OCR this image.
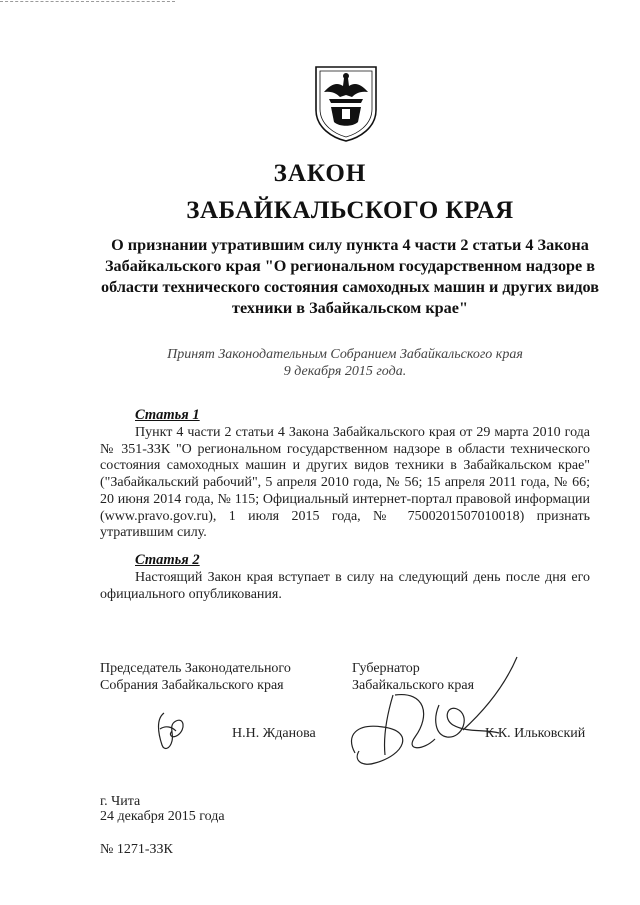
ЗАКОН
ЗАБАЙКАЛЬСКОГО КРАЯ
О признании утратившим силу пункта 4 части 2 статьи 4 Закона Забайкальского края "О региональном государственном надзоре в области технического состояния самоходных машин и других видов техники в Забайкальском крае"
Принят Законодательным Собранием Забайкальского края
9 декабря 2015 года.
Статья 1
Пункт 4 части 2 статьи 4 Закона Забайкальского края от 29 марта 2010 года № 351-ЗЗК "О региональном государственном надзоре в области технического состояния самоходных машин и других видов техники в Забайкальском крае" ("Забайкальский рабочий", 5 апреля 2010 года, № 56; 15 апреля 2011 года, № 66; 20 июня 2014 года, № 115; Официальный интернет-портал правовой информации (www.pravo.gov.ru), 1 июля 2015 года, № 7500201507010018) признать утратившим силу.
Статья 2
Настоящий Закон края вступает в силу на следующий день после дня его официального опубликования.
Председатель Законодательного
Собрания Забайкальского края
Губернатор
Забайкальского края
Н.Н. Жданова	К.К. Ильковский
г. Чита
24 декабря 2015 года
№ 1271-ЗЗК
